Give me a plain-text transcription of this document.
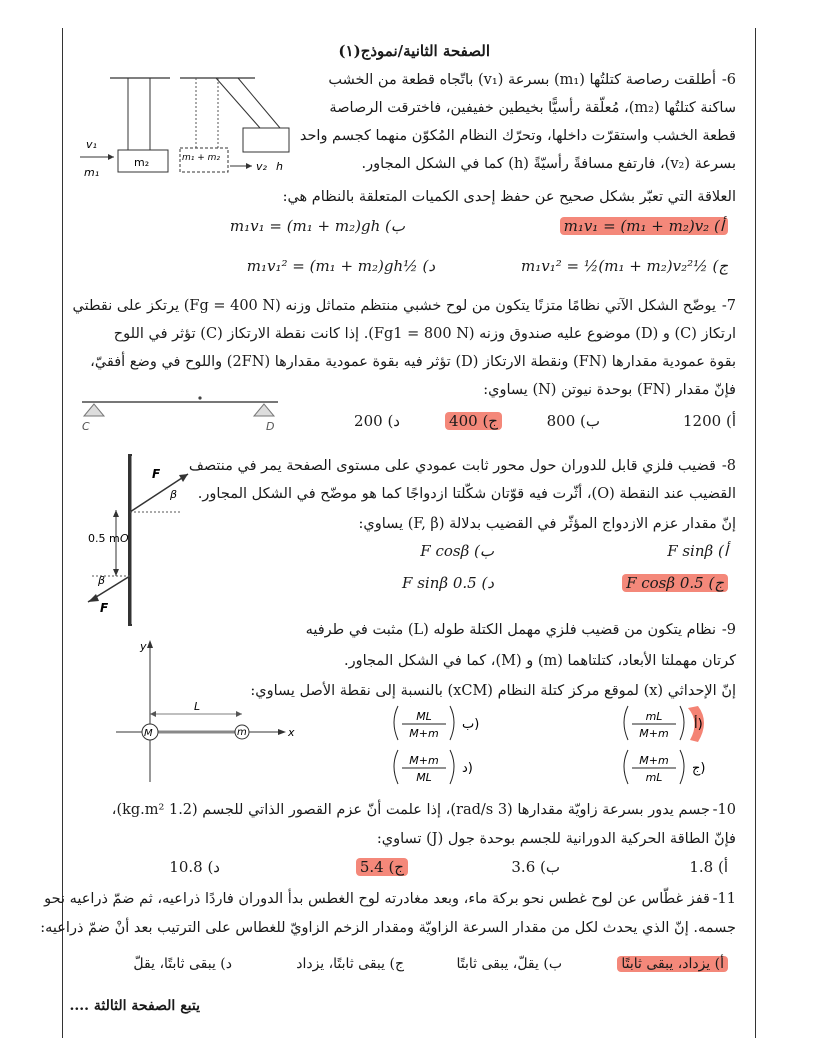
الصفحة الثانية/نموذج(١)
m₂
v₁
m₁
m₁ + m₂
v₂ h
6-
أطلقت رصاصة كتلتُها (m₁) بسرعة (v₁) باتّجاه قطعة من الخشب
ساكنة كتلتُها (m₂)، مُعلّقة رأسيًّا بخيطين خفيفين، فاخترقت الرصاصة
قطعة الخشب واستقرّت داخلها، وتحرّك النظام المُكوّن منهما كجسم واحد
بسرعة (v₂)، فارتفع مسافةً رأسيّةً (h) كما في الشكل المجاور.
العلاقة التي تعبّر بشكل صحيح عن حفظ إحدى الكميات المتعلقة بالنظام هي:
أ) m₁v₁ = (m₁ + m₂)v₂
ب) m₁v₁ = (m₁ + m₂)gh
ج) ½m₁v₁² = ½(m₁ + m₂)v₂²
د) ½m₁v₁² = (m₁ + m₂)gh
7-
يوضّح الشكل الآتي نظامًا متزنًا يتكون من لوح خشبي منتظم متماثل وزنه (Fg = 400 N) يرتكز على نقطتي
ارتكاز (C) و (D) موضوع عليه صندوق وزنه (Fg1 = 800 N). إذا كانت نقطة الارتكاز (C) تؤثر في اللوح
بقوة عمودية مقدارها (FN) ونقطة الارتكاز (D) تؤثر فيه بقوة عمودية مقدارها (2FN) واللوح في وضع أفقيّ،
فإنّ مقدار (FN) بوحدة نيوتن (N) يساوي:
C	D	أ) 1200
ب) 800
ج) 400
د) 200
F
β
β
F
0.5 m O
8-
قضيب فلزي قابل للدوران حول محور ثابت عمودي على مستوى الصفحة يمر في منتصف
القضيب عند النقطة (O)، أثّرت فيه قوّتان شكّلتا ازدواجًا كما هو موضّح في الشكل المجاور.
إنّ مقدار عزم الازدواج المؤثّر في القضيب بدلالة (F, β) يساوي:
أ) F sinβ
ب) F cosβ
ج) 0.5 F cosβ
د) 0.5 F sinβ
y
x
M	m
L
9-
نظام يتكون من قضيب فلزي مهمل الكتلة طوله (L) مثبت في طرفيه
كرتان مهملتا الأبعاد، كتلتاهما (m) و (M)، كما في الشكل المجاور.
إنّ الإحداثي (x) لموقع مركز كتلة النظام (xCM) بالنسبة إلى نقطة الأصل يساوي:
mL
M+m
أ)
ML
M+m
ب)
M+m
mL
ج)
M+m
ML
د)
10-
جسم يدور بسرعة زاويّة مقدارها (3 rad/s)، إذا علمت أنّ عزم القصور الذاتي للجسم (1.2 kg.m²)،
فإنّ الطاقة الحركية الدورانية للجسم بوحدة جول (J) تساوي:
أ) 1.8
ب) 3.6
ج) 5.4
د) 10.8
11-
قفز غطّاس عن لوح غطس نحو بركة ماء، وبعد مغادرته لوح الغطس بدأ الدوران فاردًا ذراعيه، ثم ضمّ ذراعيه نحو
جسمه. إنّ الذي يحدث لكل من مقدار السرعة الزاويّة ومقدار الزخم الزاويّ للغطاس على الترتيب بعد أنْ ضمّ ذراعيه:
أ) يزداد، يبقى ثابتًا
ب) يقلّ، يبقى ثابتًا
ج) يبقى ثابتًا، يزداد
د) يبقى ثابتًا، يقلّ
يتبع الصفحة الثالثة ....
